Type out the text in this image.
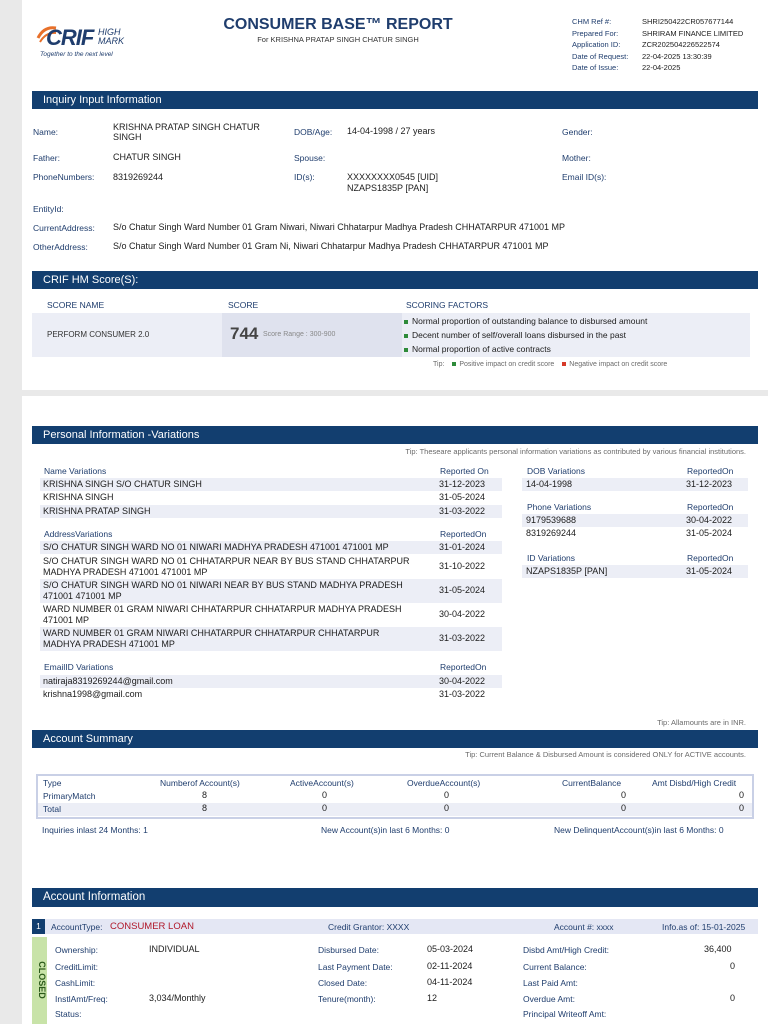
CRIF HIGH MARK
Together to the next level
CONSUMER BASE™ REPORT
For KRISHNA PRATAP SINGH CHATUR SINGH
CHM Ref #:	SHRI250422CR057677144
Prepared For:	SHRIRAM FINANCE LIMITED
Application ID:	ZCR202504226522574
Date of Request: 22-04-2025 13:30:39
Date of Issue:	22-04-2025
Inquiry Input Information
Name:	KRISHNA PRATAP SINGH CHATUR SINGH	DOB/Age: 14-04-1998 / 27 years	Gender:
Father:	CHATUR SINGH	Spouse:	Mother:
PhoneNumbers: 8319269244	ID(s):	XXXXXXXX0545 [UID]
NZAPS1835P [PAN]
Email ID(s):
EntityId:
CurrentAddress: S/o Chatur Singh Ward Number 01 Gram Niwari, Niwari Chhatarpur Madhya Pradesh CHHATARPUR 471001 MP
OtherAddress:	S/o Chatur Singh Ward Number 01 Gram Ni, Niwari Chhatarpur Madhya Pradesh CHHATARPUR 471001 MP
CRIF HM Score(S):
SCORE NAME	SCORE	SCORING FACTORS
PERFORM CONSUMER 2.0	744 Score Range : 300-900
Normal proportion of outstanding balance to disbursed amount
Decent number of self/overall loans disbursed in the past
Normal proportion of active contracts
Tip: Positive impact on credit score Negative impact on credit score
Personal Information -Variations
Tip: Theseare applicants personal information variations as contributed by various financial institutions.
Name Variations	Reported On
KRISHNA SINGH S/O CHATUR SINGH	31-12-2023
KRISHNA SINGH	31-05-2024
KRISHNA PRATAP SINGH	31-03-2022
AddressVariations	ReportedOn
S/O CHATUR SINGH WARD NO 01 NIWARI MADHYA PRADESH 471001 471001 MP	31-01-2024
S/O CHATUR SINGH WARD NO 01 CHHATARPUR NEAR BY BUS STAND CHHATARPUR
MADHYA PRADESH 471001 471001 MP
31-10-2022
S/O CHATUR SINGH WARD NO 01 NIWARI NEAR BY BUS STAND MADHYA PRADESH
471001 471001 MP
31-05-2024
WARD NUMBER 01 GRAM NIWARI CHHATARPUR CHHATARPUR MADHYA PRADESH
471001 MP
30-04-2022
WARD NUMBER 01 GRAM NIWARI CHHATARPUR CHHATARPUR CHHATARPUR
MADHYA PRADESH 471001 MP
31-03-2022
EmailID Variations	ReportedOn
natiraja8319269244@gmail.com	30-04-2022
krishna1998@gmail.com	31-03-2022
DOB Variations	ReportedOn
14-04-1998	31-12-2023
Phone Variations	ReportedOn
9179539688	30-04-2022
8319269244	31-05-2024
ID Variations	ReportedOn
NZAPS1835P [PAN]	31-05-2024
Tip: Allamounts are in INR.
Account Summary
Tip: Current Balance & Disbursed Amount is considered ONLY for ACTIVE accounts.
Type	Numberof Account(s)	ActiveAccount(s)	OverdueAccount(s)	CurrentBalance	Amt Disbd/High Credit
PrimaryMatch	8	0	0	0	0
Total	8	0	0	0	0
Inquiries inlast 24 Months: 1	New Account(s)in last 6 Months: 0	New DelinquentAccount(s)in last 6 Months: 0
Account Information
1	AccountType: CONSUMER LOAN	Credit Grantor: XXXX	Account #: xxxx	Info.as of: 15-01-2025
CLOSED
Ownership:	INDIVIDUAL
CreditLimit:
CashLimit:
InstlAmt/Freq:	3,034/Monthly
Status:
Disbursed Date:	05-03-2024
Last Payment Date:	02-11-2024
Closed Date:	04-11-2024
Tenure(month):	12
Disbd Amt/High Credit:	36,400
Current Balance:	0
Last Paid Amt:
Overdue Amt:	0
Principal Writeoff Amt:
